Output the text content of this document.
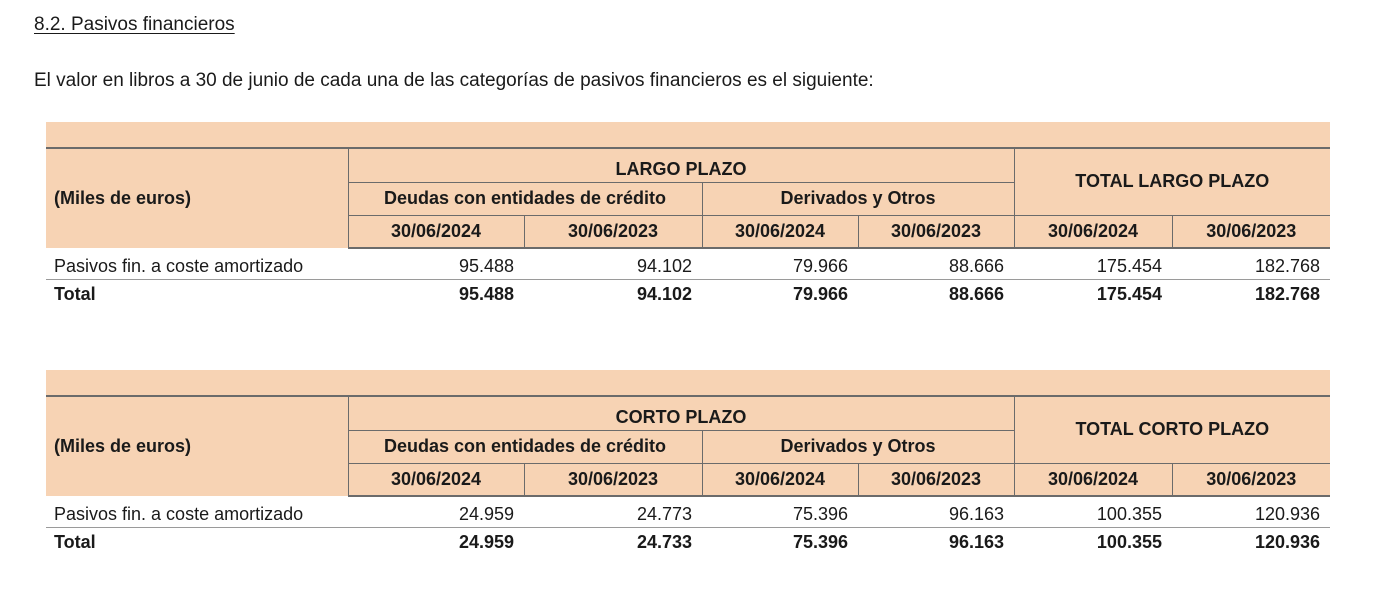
8.2. Pasivos financieros
El valor en libros a 30 de junio de cada una de las categorías de pasivos financieros es el siguiente:

(Miles de euros)	LARGO PLAZO				TOTAL LARGO PLAZO	
	Deudas con entidades de crédito		Derivados y Otros			
	30/06/2024	30/06/2023	30/06/2024	30/06/2023	30/06/2024	30/06/2023
Pasivos fin. a coste amortizado	95.488	94.102	79.966	88.666	175.454	182.768
Total	95.488	94.102	79.966	88.666	175.454	182.768

(Miles de euros)	CORTO PLAZO				TOTAL CORTO PLAZO	
	Deudas con entidades de crédito		Derivados y Otros			
	30/06/2024	30/06/2023	30/06/2024	30/06/2023	30/06/2024	30/06/2023
Pasivos fin. a coste amortizado	24.959	24.773	75.396	96.163	100.355	120.936
Total	24.959	24.733	75.396	96.163	100.355	120.936
